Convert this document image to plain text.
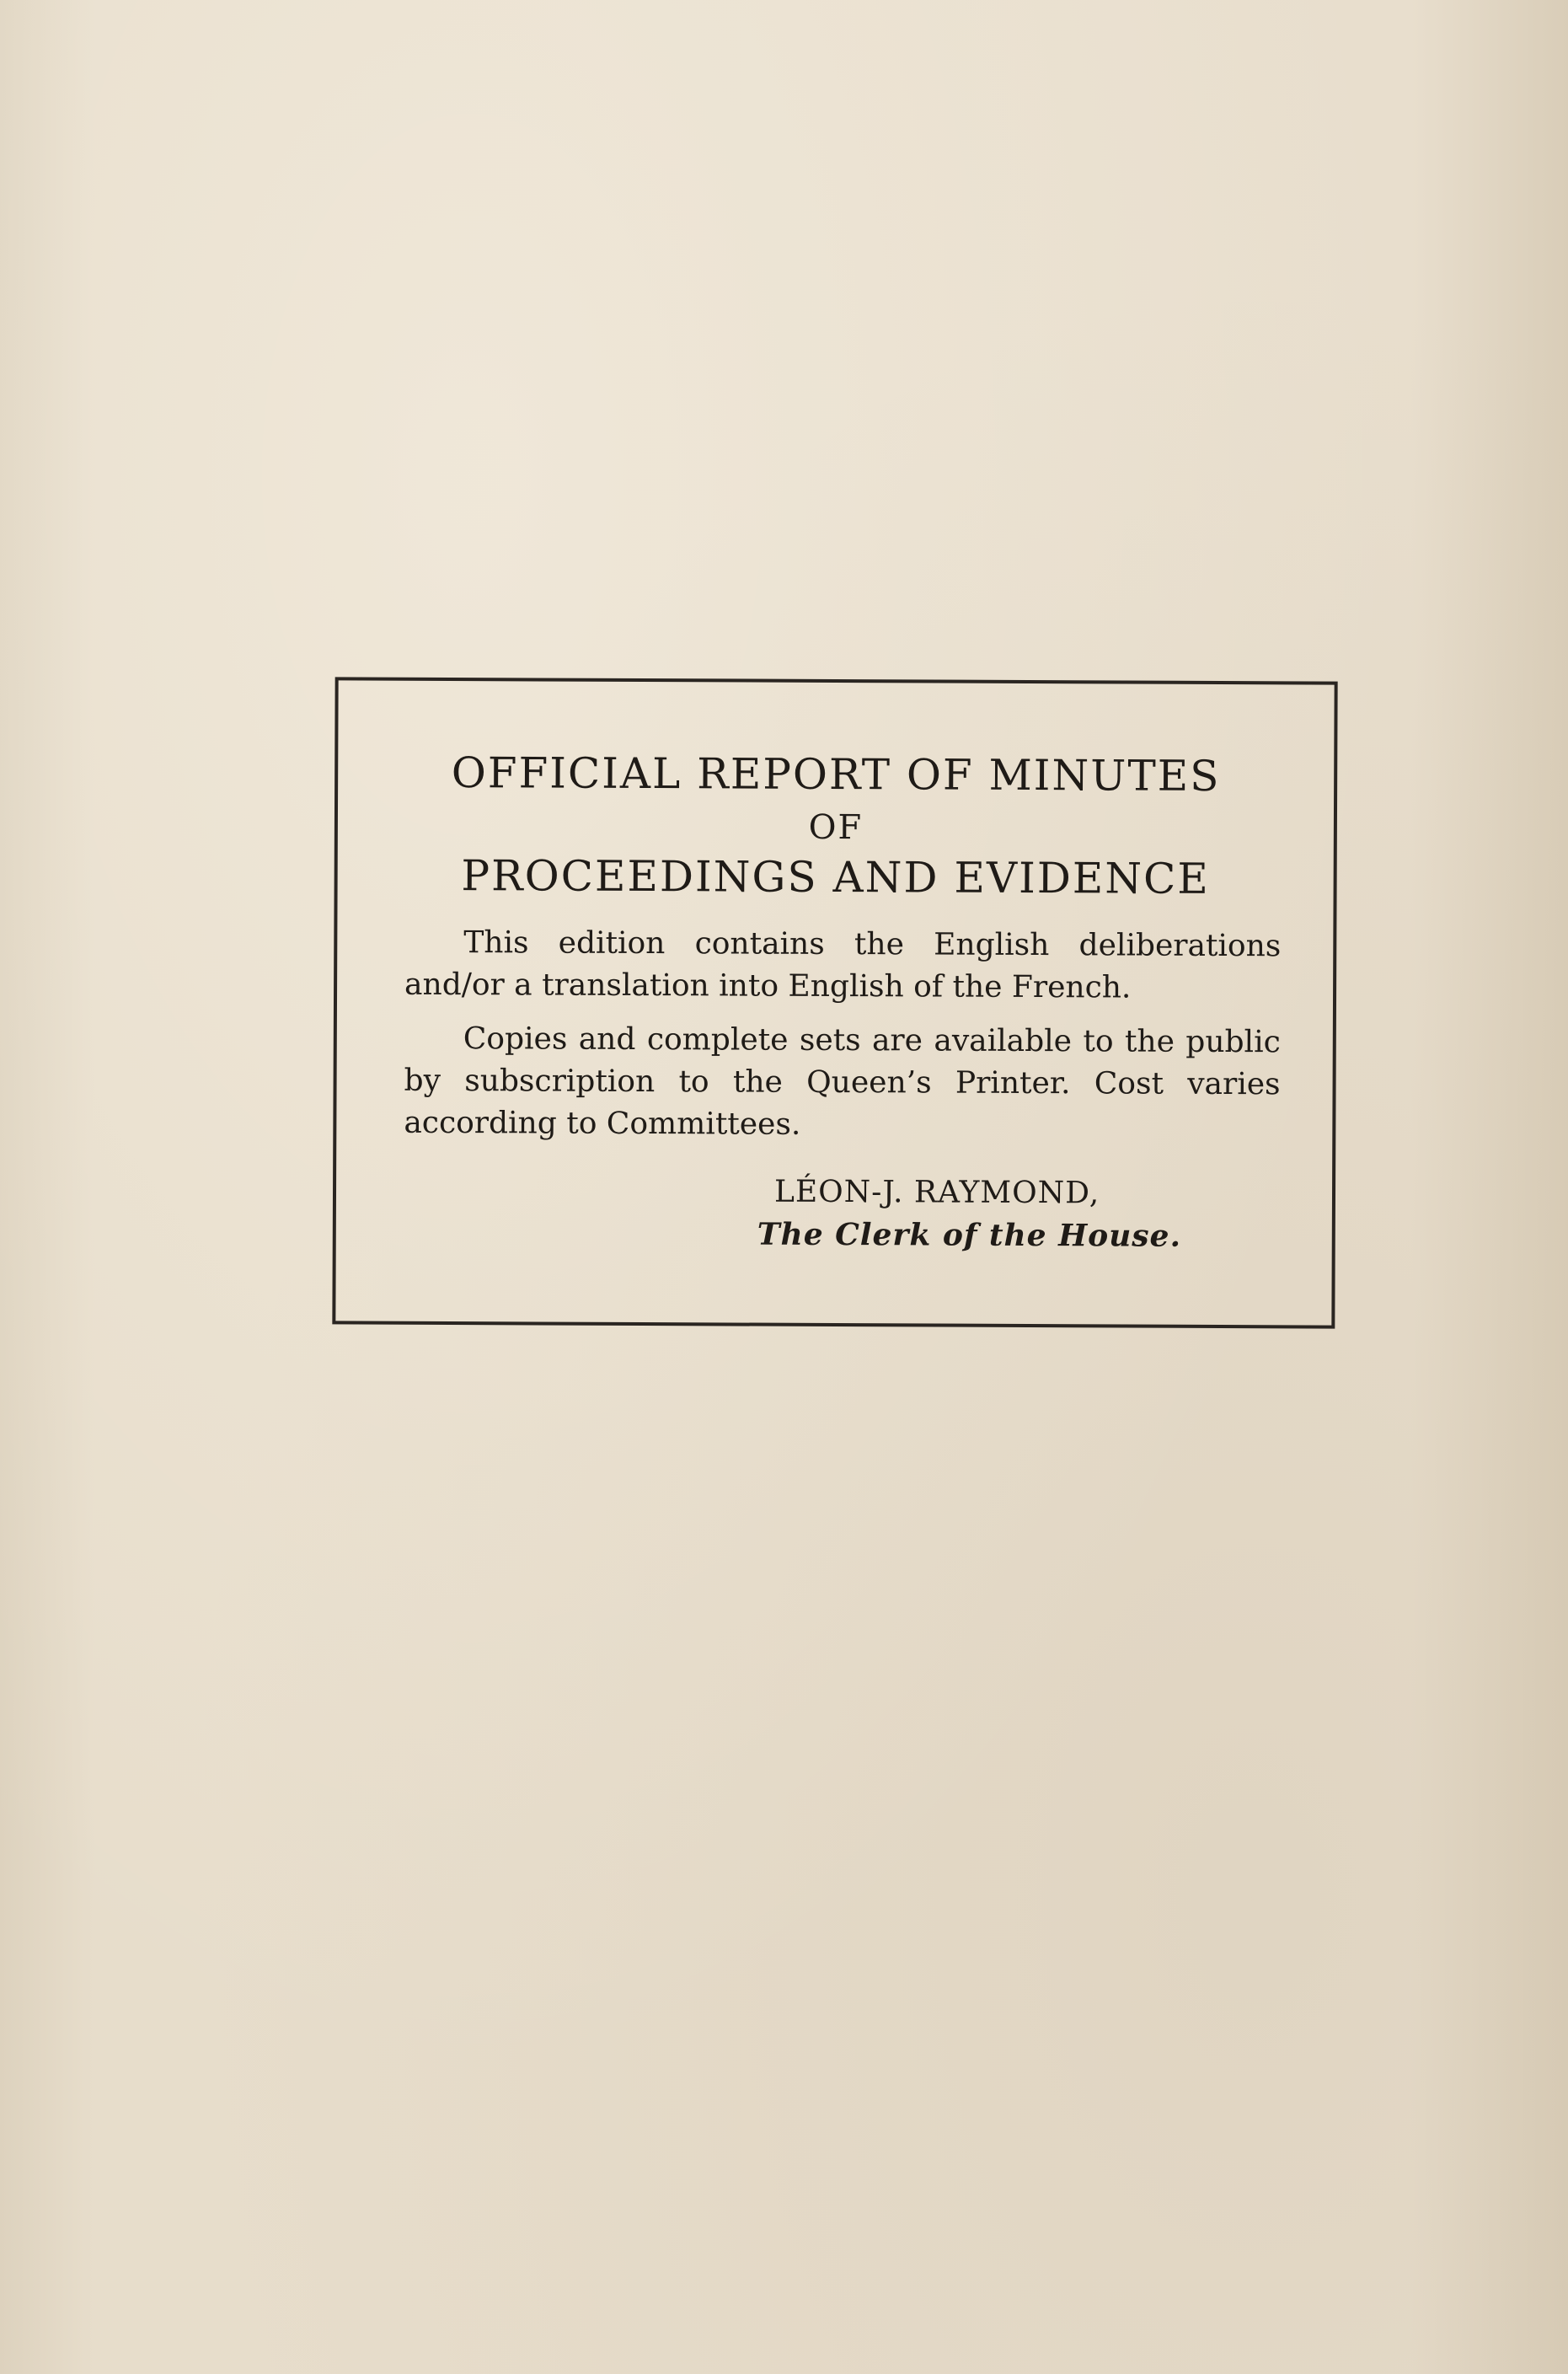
OFFICIAL REPORT OF MINUTES
OF
PROCEEDINGS AND EVIDENCE
This edition contains the English deliberations and/or a translation into English of the French.
Copies and complete sets are available to the public by subscription to the Queen’s Printer. Cost varies according to Committees.
LÉON-J. RAYMOND,
The Clerk of the House.
